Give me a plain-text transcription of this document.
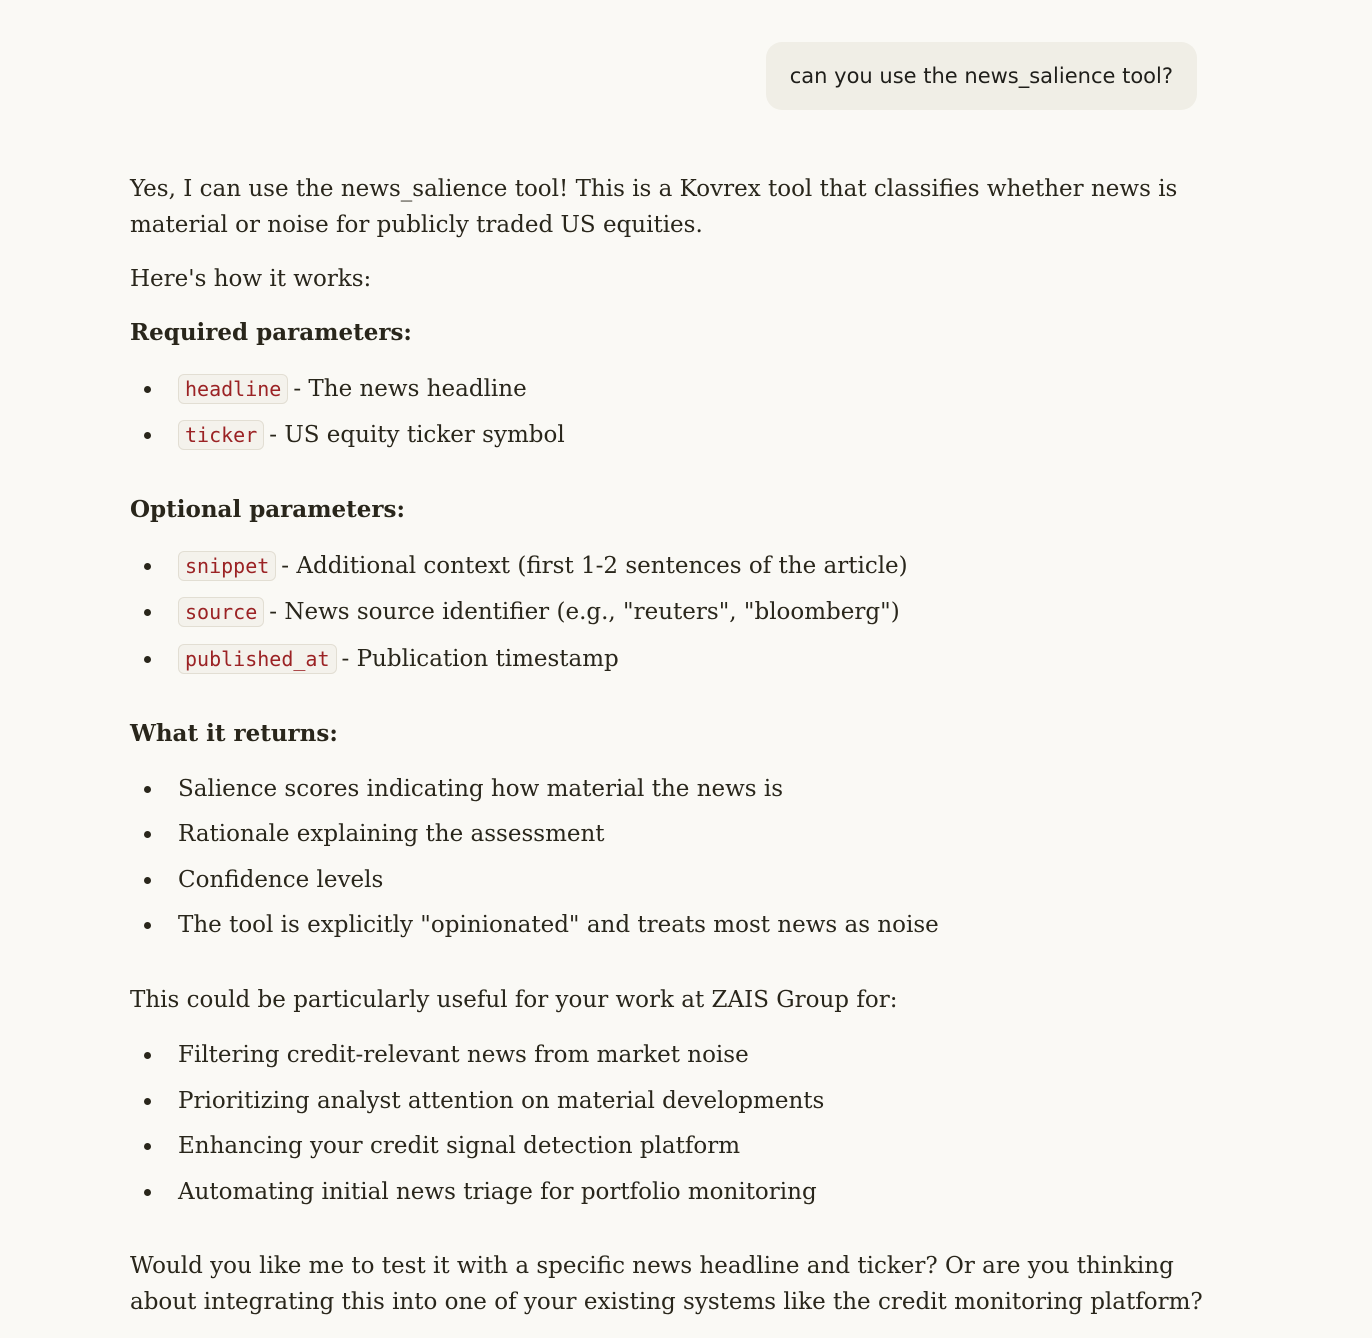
can you use the news_salience tool?

Yes, I can use the news_salience tool! This is a Kovrex tool that classifies whether news is
material or noise for publicly traded US equities.

Here's how it works:

Required parameters:

headline - The news headline
ticker - US equity ticker symbol

Optional parameters:

snippet - Additional context (first 1-2 sentences of the article)
source - News source identifier (e.g., "reuters", "bloomberg")
published_at - Publication timestamp

What it returns:

Salience scores indicating how material the news is
Rationale explaining the assessment
Confidence levels
The tool is explicitly "opinionated" and treats most news as noise

This could be particularly useful for your work at ZAIS Group for:

Filtering credit-relevant news from market noise
Prioritizing analyst attention on material developments
Enhancing your credit signal detection platform
Automating initial news triage for portfolio monitoring

Would you like me to test it with a specific news headline and ticker? Or are you thinking
about integrating this into one of your existing systems like the credit monitoring platform?
